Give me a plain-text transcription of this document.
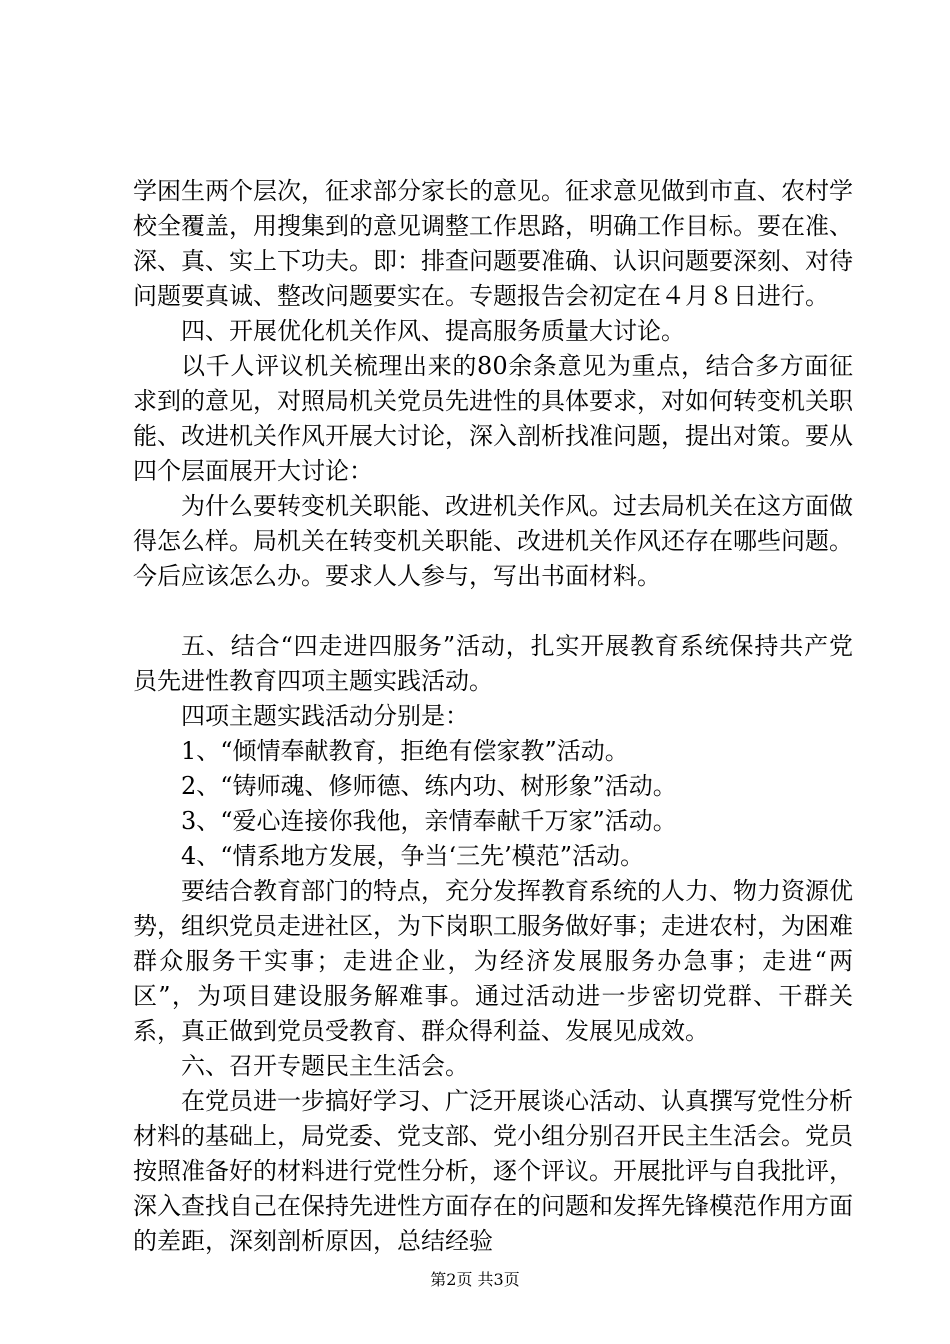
学困生两个层次，征求部分家长的意见。征求意见做到市直、农村学校全覆盖，用搜集到的意见调整工作思路，明确工作目标。要在准、深、真、实上下功夫。即：排查问题要准确、认识问题要深刻、对待问题要真诚、整改问题要实在。专题报告会初定在４月８日进行。

四、开展优化机关作风、提高服务质量大讨论。

以千人评议机关梳理出来的80余条意见为重点，结合多方面征求到的意见，对照局机关党员先进性的具体要求，对如何转变机关职能、改进机关作风开展大讨论，深入剖析找准问题，提出对策。要从四个层面展开大讨论：

为什么要转变机关职能、改进机关作风。过去局机关在这方面做得怎么样。局机关在转变机关职能、改进机关作风还存在哪些问题。今后应该怎么办。要求人人参与，写出书面材料。

五、结合“四走进四服务”活动，扎实开展教育系统保持共产党员先进性教育四项主题实践活动。

四项主题实践活动分别是：

1、“倾情奉献教育，拒绝有偿家教”活动。

2、“铸师魂、修师德、练内功、树形象”活动。

3、“爱心连接你我他，亲情奉献千万家”活动。

4、“情系地方发展，争当‘三先’模范”活动。

要结合教育部门的特点，充分发挥教育系统的人力、物力资源优势，组织党员走进社区，为下岗职工服务做好事；走进农村，为困难群众服务干实事；走进企业，为经济发展服务办急事；走进“两区”，为项目建设服务解难事。通过活动进一步密切党群、干群关系，真正做到党员受教育、群众得利益、发展见成效。

六、召开专题民主生活会。

在党员进一步搞好学习、广泛开展谈心活动、认真撰写党性分析材料的基础上，局党委、党支部、党小组分别召开民主生活会。党员按照准备好的材料进行党性分析，逐个评议。开展批评与自我批评，深入查找自己在保持先进性方面存在的问题和发挥先锋模范作用方面的差距，深刻剖析原因，总结经验

第2页 共3页
